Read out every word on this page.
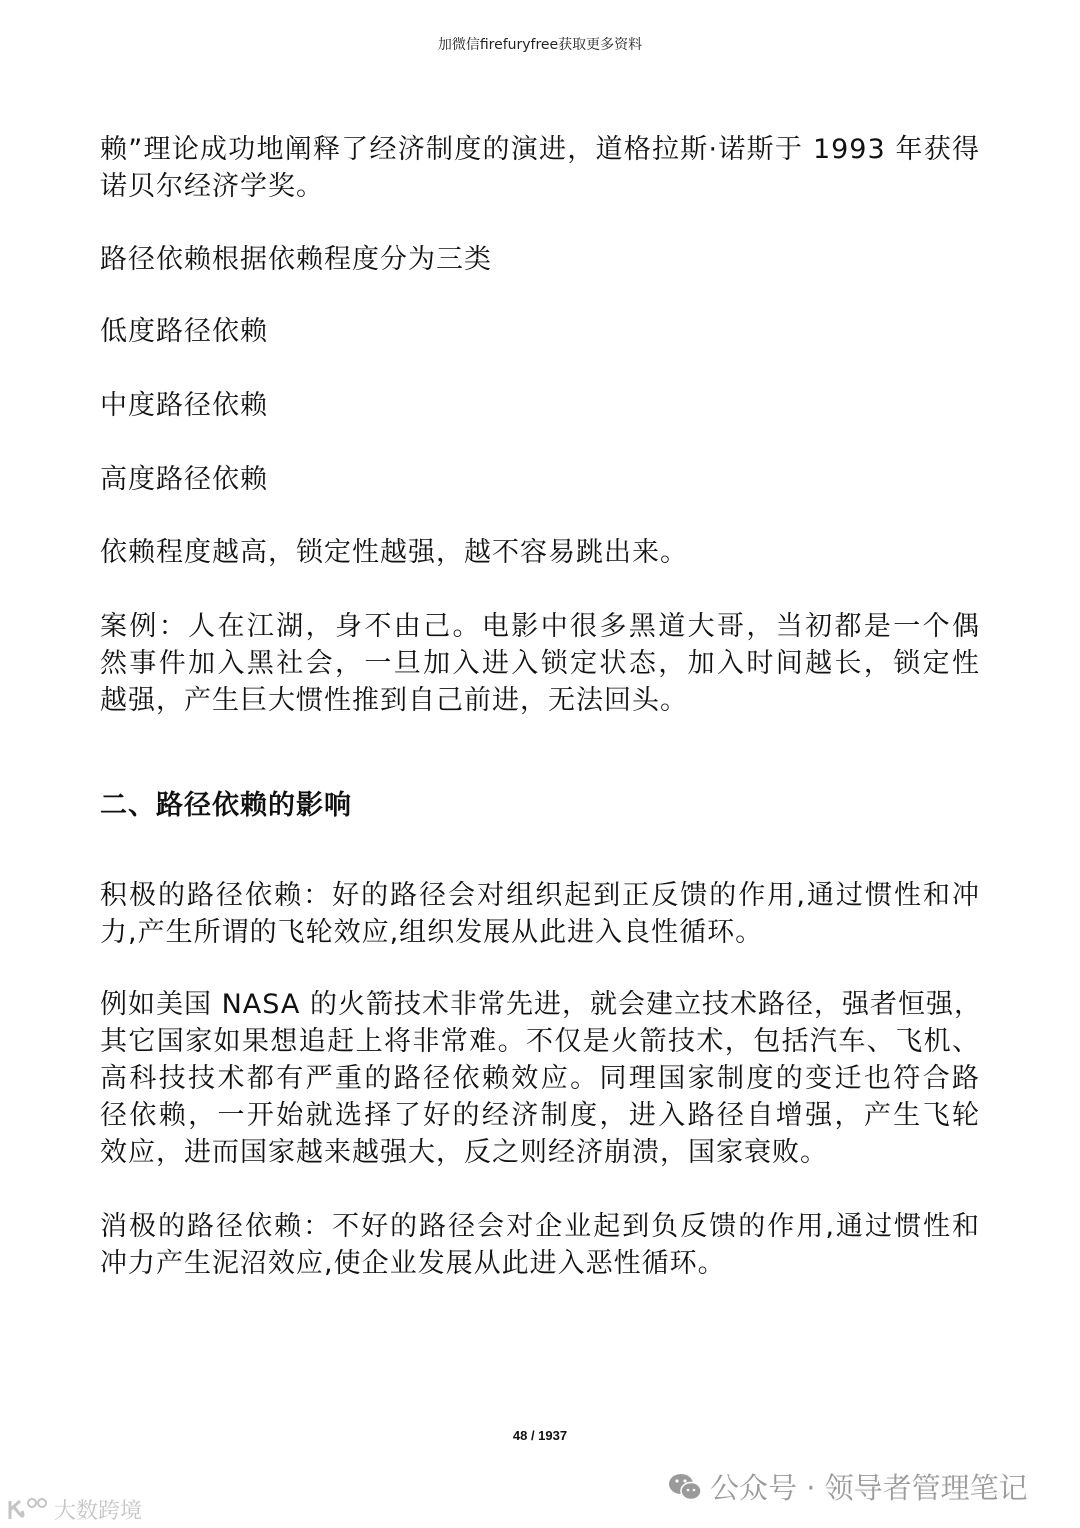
加微信firefuryfree获取更多资料
赖”理论成功地阐释了经济制度的演进，道格拉斯·诺斯于 1993 年获得
诺贝尔经济学奖。
路径依赖根据依赖程度分为三类
低度路径依赖
中度路径依赖
高度路径依赖
依赖程度越高，锁定性越强，越不容易跳出来。
案例：人在江湖，身不由己。电影中很多黑道大哥，当初都是一个偶
然事件加入黑社会，一旦加入进入锁定状态，加入时间越长，锁定性
越强，产生巨大惯性推到自己前进，无法回头。
二、路径依赖的影响
积极的路径依赖：好的路径会对组织起到正反馈的作用,通过惯性和冲
力,产生所谓的飞轮效应,组织发展从此进入良性循环。
例如美国 NASA 的火箭技术非常先进，就会建立技术路径，强者恒强，
其它国家如果想追赶上将非常难。不仅是火箭技术，包括汽车、飞机、
高科技技术都有严重的路径依赖效应。同理国家制度的变迁也符合路
径依赖，一开始就选择了好的经济制度，进入路径自增强，产生飞轮
效应，进而国家越来越强大，反之则经济崩溃，国家衰败。
消极的路径依赖：不好的路径会对企业起到负反馈的作用,通过惯性和
冲力产生泥沼效应,使企业发展从此进入恶性循环。
48 / 1937
公众号 · 领导者管理笔记
大数跨境
